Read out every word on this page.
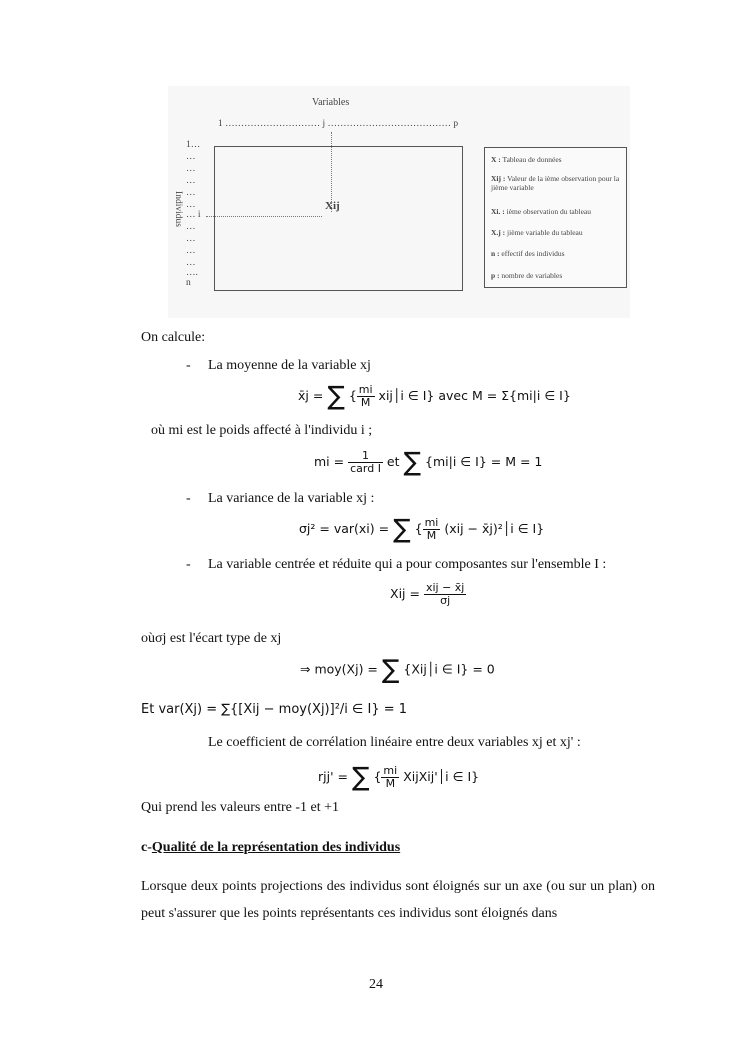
Variables
1 ………………………… j ………………………………… p
Xij
Individus
1…
…
…
…
…
…
… i
…
…
…
…
….
n
X : Tableau de données
Xij : Valeur de la ième observation pour la jième variable
Xi. : ième observation du tableau
X.j : jième variable du tableau
n : effectif des individus
p : nombre de variables
On calcule:
- La moyenne de la variable xj
x̄j = ∑ { $\frac{mi}{M}$ xij│i ∈ I} avec M = Σ{mi|i ∈ I}
où mi est le poids affecté à l'individu i ;
mi = $\frac{1}{\text{card I}}$ et ∑ {mi|i ∈ I} = M = 1
- La variance de la variable xj :
σj² = var(xi) = ∑ { $\frac{mi}{M} (xij$ − x̄j)²│i ∈ I}
- La variable centrée et réduite qui a pour composantes sur l'ensemble I :
Xij = $\frac{\text{xij − x̄j}}{\sigma j}$
oùσj est l'écart type de xj
⇒ moy(Xj) = ∑ {Xij│i ∈ I} = 0
Et var(Xj) = ∑{[Xij − moy(Xj)]²/i ∈ I} = 1
Le coefficient de corrélation linéaire entre deux variables xj et xj' :
rjj' = ∑ { $\frac{mi}{M}$ XijXij'│i ∈ I}
Qui prend les valeurs entre -1 et +1
c-Qualité de la représentation des individus
Lorsque deux points projections des individus sont éloignés sur un axe (ou sur un plan) on peut s'assurer que les points représentants ces individus sont éloignés dans
24
